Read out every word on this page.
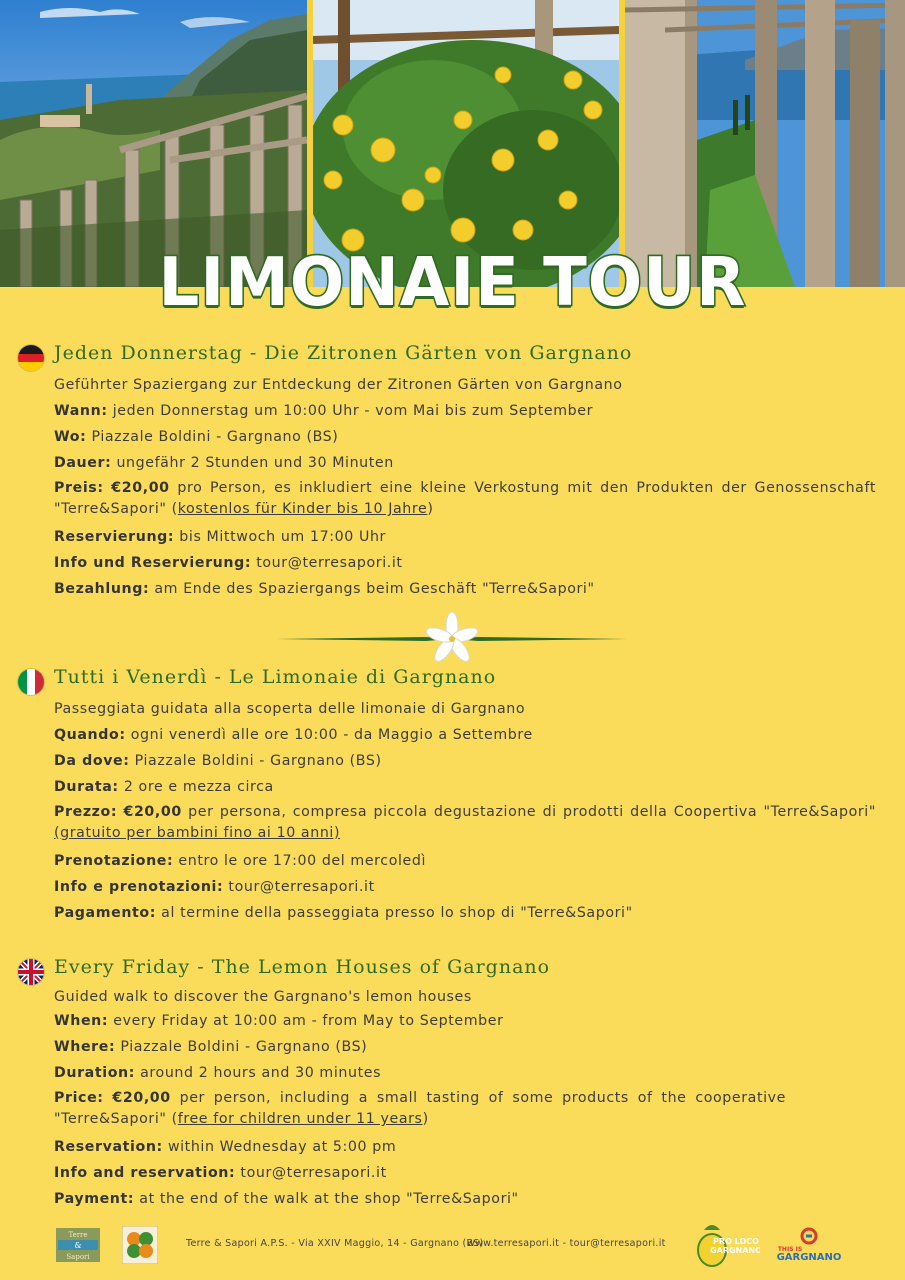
LIMONAIE TOUR
Jeden Donnerstag - Die Zitronen Gärten von Gargnano
Geführter Spaziergang zur Entdeckung der Zitronen Gärten von Gargnano
Wann: jeden Donnerstag um 10:00 Uhr - vom Mai bis zum September
Wo: Piazzale Boldini - Gargnano (BS)
Dauer: ungefähr 2 Stunden und 30 Minuten
Preis: €20,00 pro Person, es inkludiert eine kleine Verkostung mit den Produkten der Genossenschaft "Terre&Sapori" (kostenlos für Kinder bis 10 Jahre)
Reservierung: bis Mittwoch um 17:00 Uhr
Info und Reservierung: tour@terresapori.it
Bezahlung: am Ende des Spaziergangs beim Geschäft "Terre&Sapori"
Tutti i Venerdì - Le Limonaie di Gargnano
Passeggiata guidata alla scoperta delle limonaie di Gargnano
Quando: ogni venerdì alle ore 10:00 - da Maggio a Settembre
Da dove: Piazzale Boldini - Gargnano (BS)
Durata: 2 ore e mezza circa
Prezzo: €20,00 per persona, compresa piccola degustazione di prodotti della Coopertiva "Terre&Sapori"(gratuito per bambini fino ai 10 anni)
Prenotazione: entro le ore 17:00 del mercoledì
Info e prenotazioni: tour@terresapori.it
Pagamento: al termine della passeggiata presso lo shop di "Terre&Sapori"
Every Friday - The Lemon Houses of Gargnano
Guided walk to discover the Gargnano's lemon houses
When: every Friday at 10:00 am - from May to September
Where: Piazzale Boldini - Gargnano (BS)
Duration: around 2 hours and 30 minutes
Price: €20,00 per person, including a small tasting of some products of the cooperative "Terre&Sapori" (free for children under 11 years)
Reservation: within Wednesday at 5:00 pm
Info and reservation: tour@terresapori.it
Payment: at the end of the walk at the shop "Terre&Sapori"
Terre
&
Sapori
Terre & Sapori A.P.S. - Via XXIV Maggio, 14 - Gargnano (BS)
www.terresapori.it - tour@terresapori.it	PRO LOCO
GARGNANO	THIS IS
GARGNANO
